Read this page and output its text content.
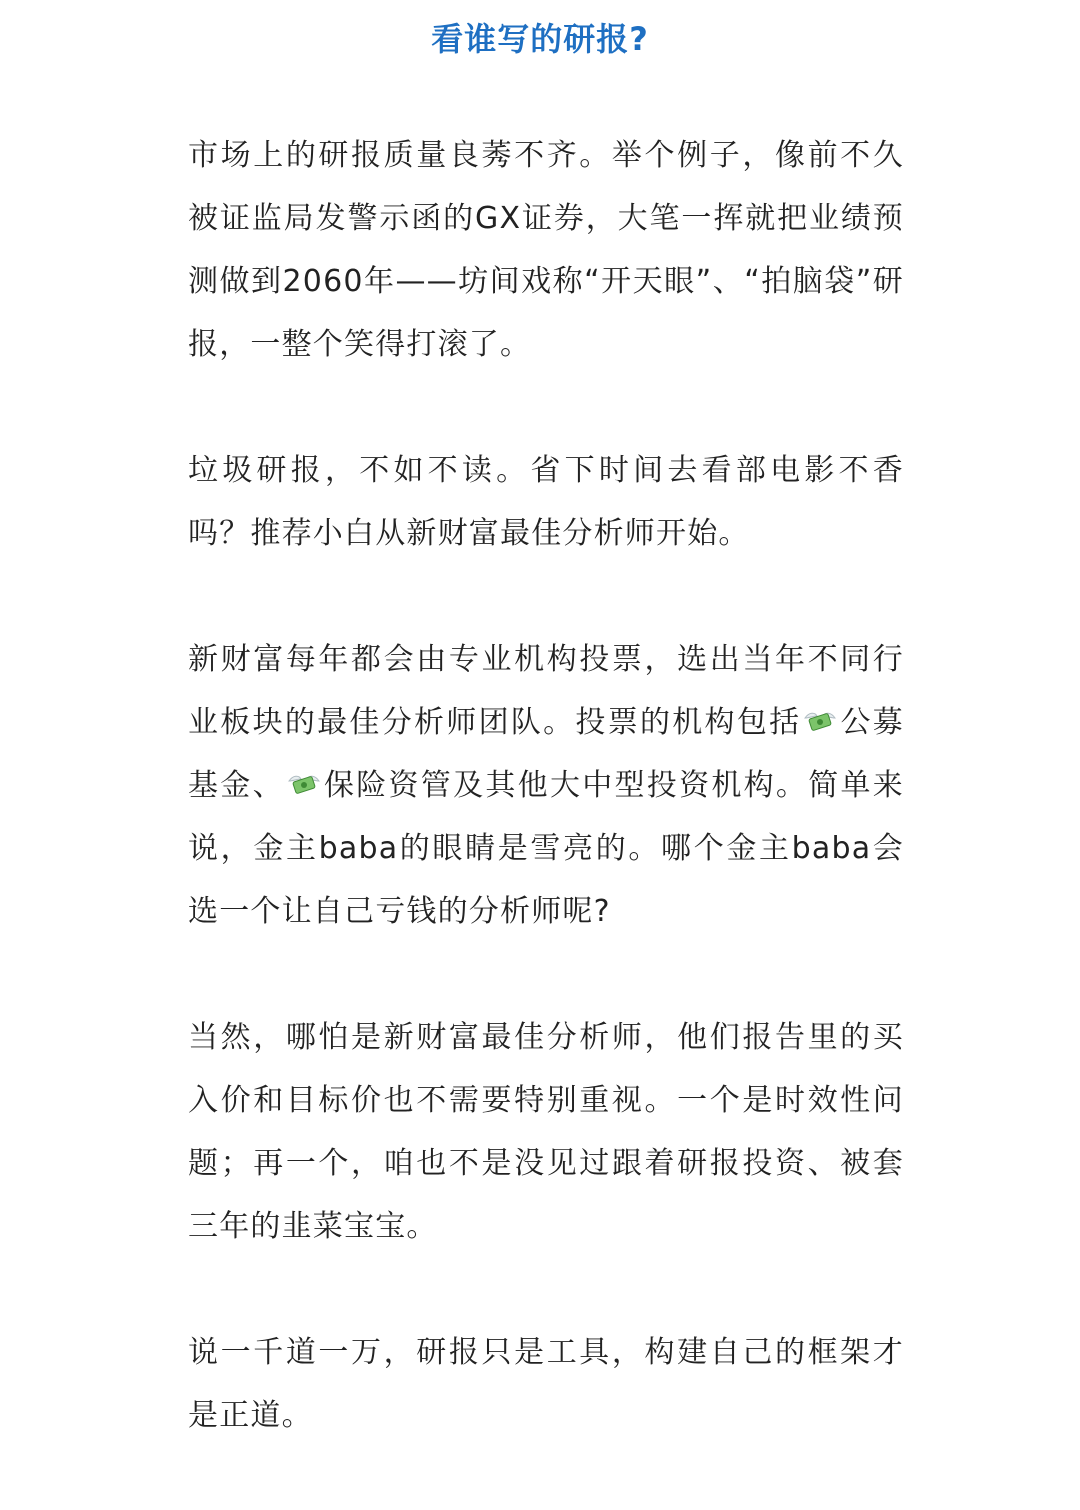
看谁写的研报?

市场上的研报质量良莠不齐。举个例子，像前不久被证监局发警示函的GX证券，大笔一挥就把业绩预测做到2060年——坊间戏称“开天眼”、“拍脑袋”研报，一整个笑得打滚了。

垃圾研报，不如不读。省下时间去看部电影不香吗？推荐小白从新财富最佳分析师开始。

新财富每年都会由专业机构投票，选出当年不同行业板块的最佳分析师团队。投票的机构包括 公募基金、 保险资管及其他大中型投资机构。简单来说，金主baba的眼睛是雪亮的。哪个金主baba会选一个让自己亏钱的分析师呢?

当然，哪怕是新财富最佳分析师，他们报告里的买入价和目标价也不需要特别重视。一个是时效性问题；再一个，咱也不是没见过跟着研报投资、被套三年的韭菜宝宝。

说一千道一万，研报只是工具，构建自己的框架才是正道。
